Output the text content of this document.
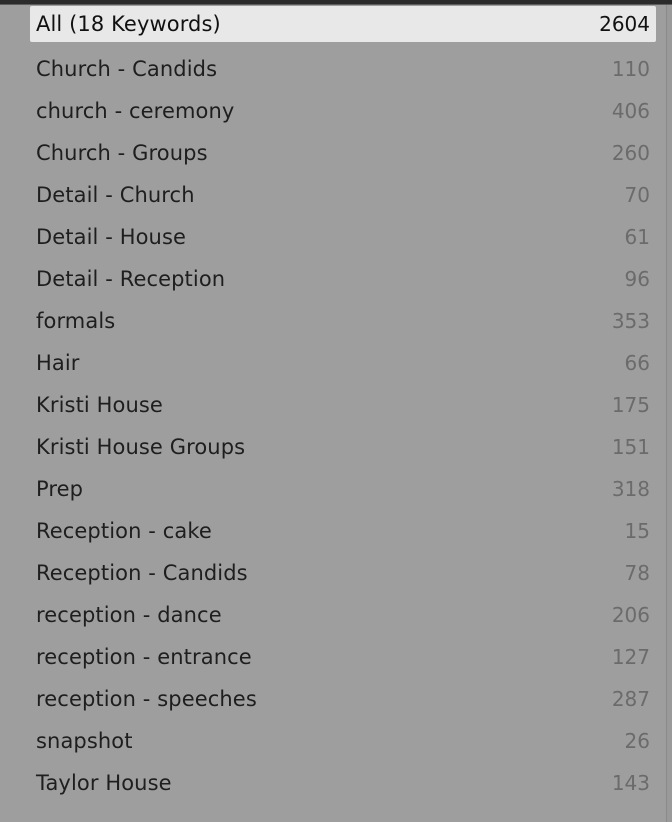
All (18 Keywords)	2604
Church - Candids	110
church - ceremony	406
Church - Groups	260
Detail - Church	70
Detail - House	61
Detail - Reception	96
formals	353
Hair	66
Kristi House	175
Kristi House Groups	151
Prep	318
Reception - cake	15
Reception - Candids	78
reception - dance	206
reception - entrance	127
reception - speeches	287
snapshot	26
Taylor House	143
